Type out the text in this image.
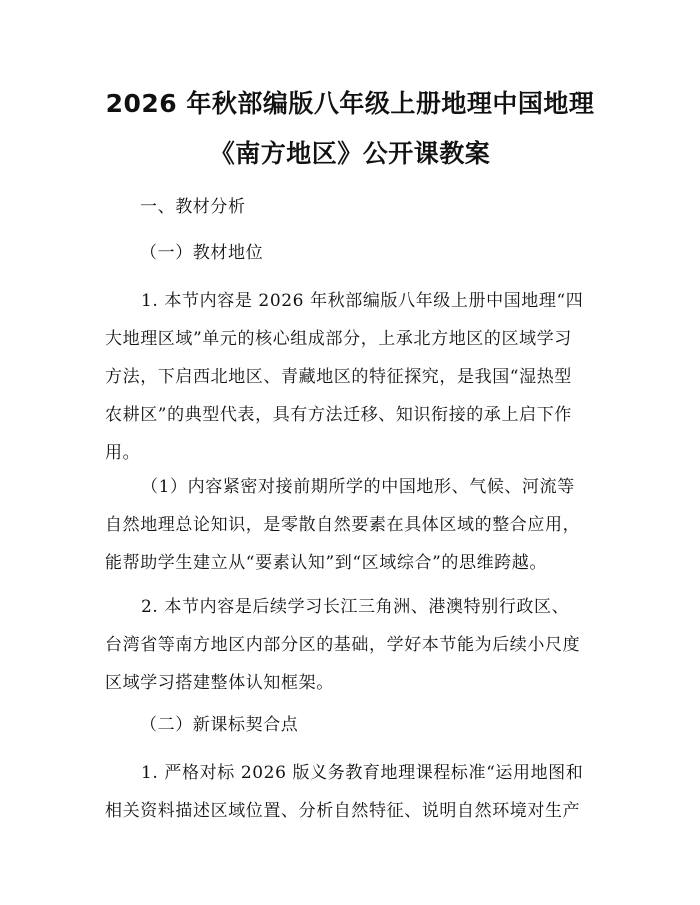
2026 年秋部编版八年级上册地理中国地理
《南方地区》公开课教案
一、教材分析
（一）教材地位
1. 本节内容是 2026 年秋部编版八年级上册中国地理“四
大地理区域”单元的核心组成部分，上承北方地区的区域学习
方法，下启西北地区、青藏地区的特征探究，是我国“湿热型
农耕区”的典型代表，具有方法迁移、知识衔接的承上启下作
用。
（1）内容紧密对接前期所学的中国地形、气候、河流等
自然地理总论知识，是零散自然要素在具体区域的整合应用，
能帮助学生建立从“要素认知”到“区域综合”的思维跨越。
2. 本节内容是后续学习长江三角洲、港澳特别行政区、
台湾省等南方地区内部分区的基础，学好本节能为后续小尺度
区域学习搭建整体认知框架。
（二）新课标契合点
1. 严格对标 2026 版义务教育地理课程标准“运用地图和
相关资料描述区域位置、分析自然特征、说明自然环境对生产
